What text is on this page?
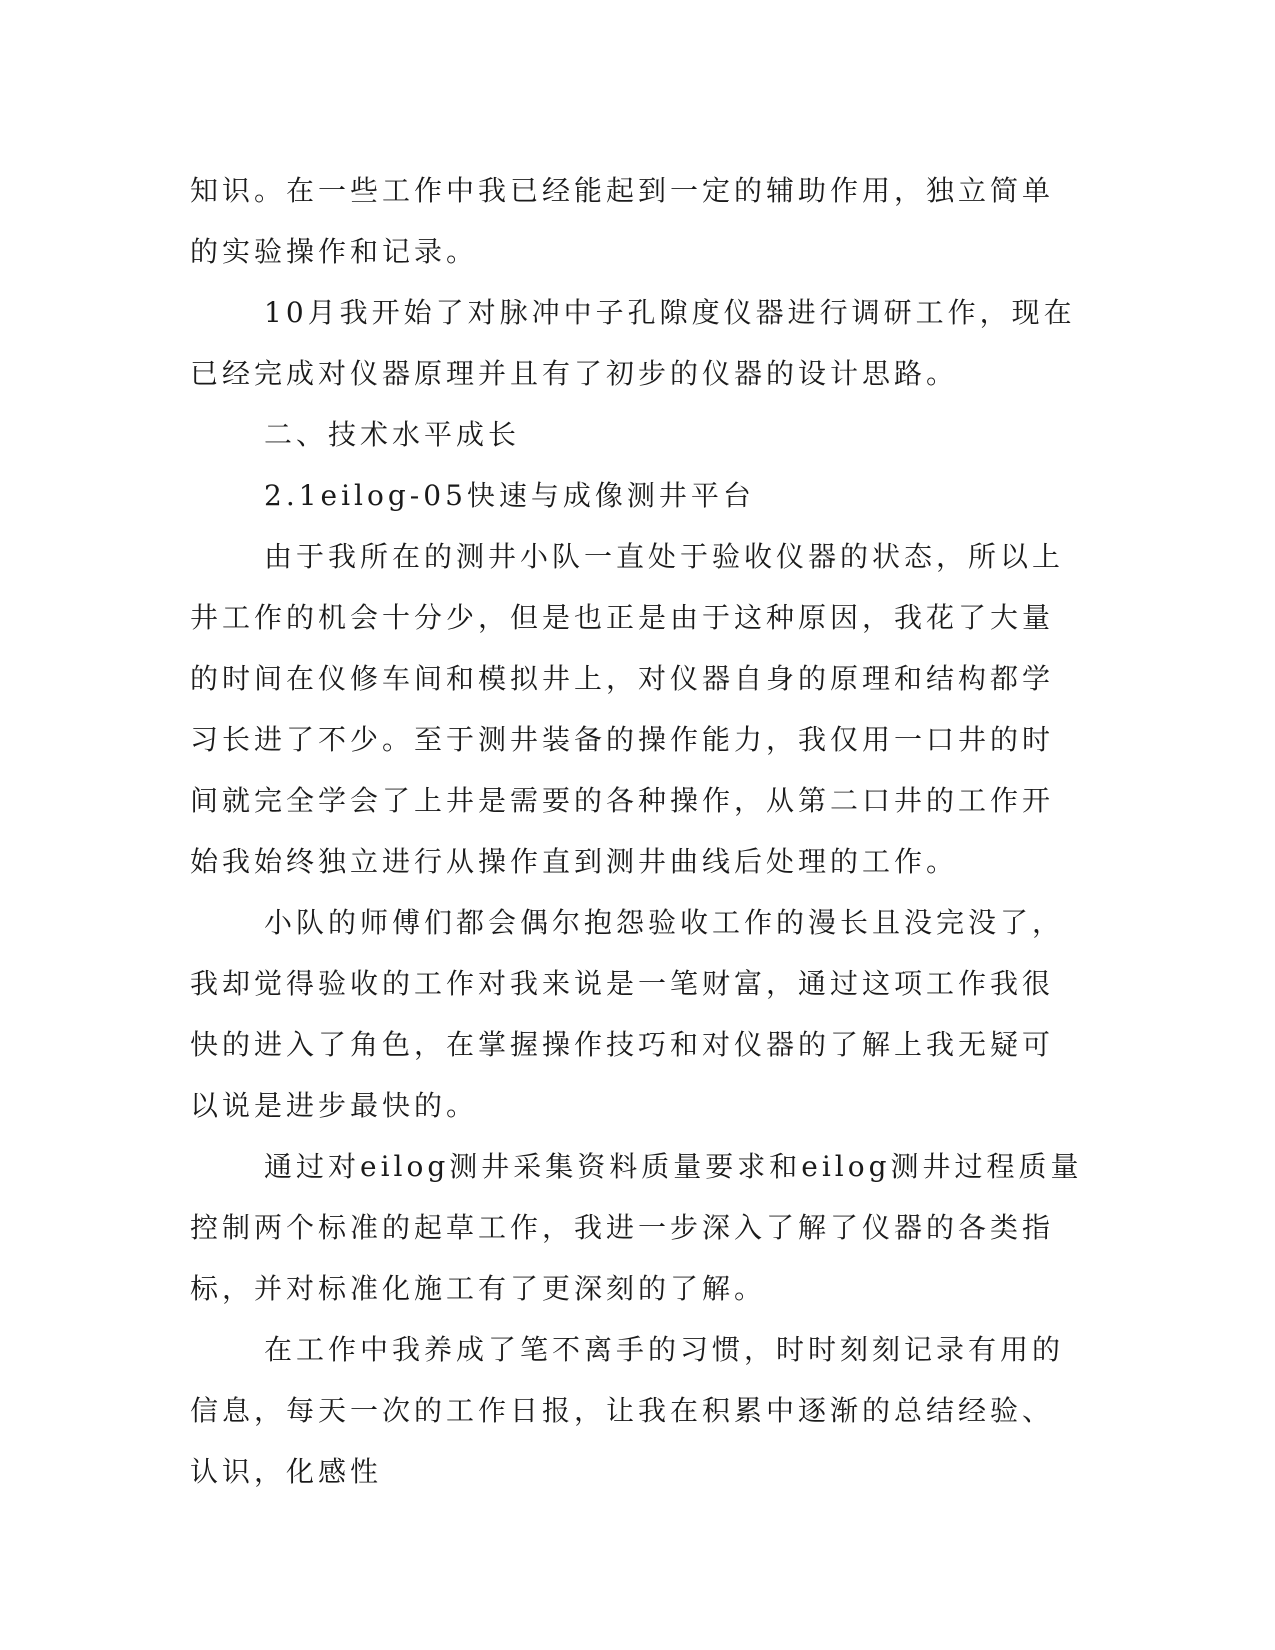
知识。在一些工作中我已经能起到一定的辅助作用，独立简单的实验操作和记录。

10月我开始了对脉冲中子孔隙度仪器进行调研工作，现在已经完成对仪器原理并且有了初步的仪器的设计思路。

二、技术水平成长

2.1eilog-05快速与成像测井平台

由于我所在的测井小队一直处于验收仪器的状态，所以上井工作的机会十分少，但是也正是由于这种原因，我花了大量的时间在仪修车间和模拟井上，对仪器自身的原理和结构都学习长进了不少。至于测井装备的操作能力，我仅用一口井的时间就完全学会了上井是需要的各种操作，从第二口井的工作开始我始终独立进行从操作直到测井曲线后处理的工作。

小队的师傅们都会偶尔抱怨验收工作的漫长且没完没了，我却觉得验收的工作对我来说是一笔财富，通过这项工作我很快的进入了角色，在掌握操作技巧和对仪器的了解上我无疑可以说是进步最快的。

通过对eilog测井采集资料质量要求和eilog测井过程质量控制两个标准的起草工作，我进一步深入了解了仪器的各类指标，并对标准化施工有了更深刻的了解。

在工作中我养成了笔不离手的习惯，时时刻刻记录有用的信息，每天一次的工作日报，让我在积累中逐渐的总结经验、认识，化感性
